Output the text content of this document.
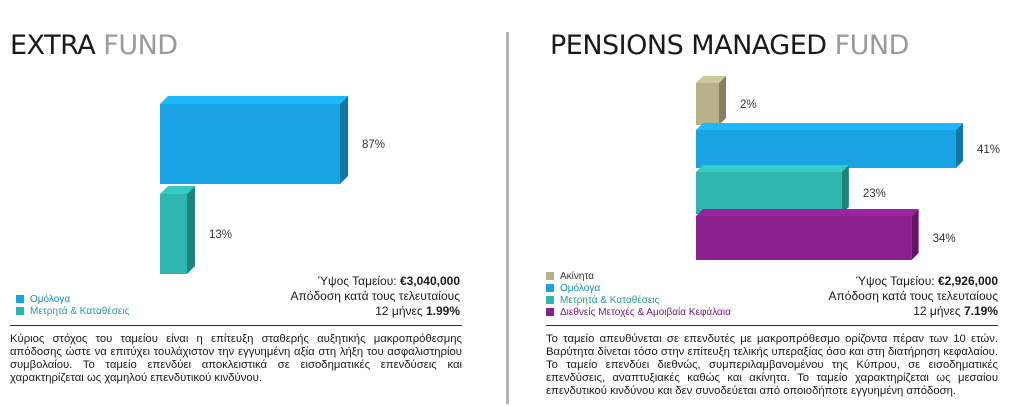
EXTRA FUND
87%
13%
Ομόλογα
Μετρητά & Καταθέσεις
Ύψος Ταμείου: €3,040,000
Απόδοση κατά τους τελευταίους
12 μήνες 1.99%
Κύριος στόχος του ταμείου είναι η επίτευξη σταθερής αυξητικής μακροπρόθεσμης απόδοσης ώστε να επιτύχει τουλάχιστον την εγγυημένη αξία στη λήξη του ασφαλιστηρίου συμβολαίου. Το ταμείο επενδύει αποκλειστικά σε εισοδηματικές επενδύσεις και χαρακτηρίζεται ως χαμηλού επενδυτικού κινδύνου.
PENSIONS MANAGED FUND
2%
41%
23%
34%
Ακίνητα
Ομόλογα
Μετρητά & Καταθέσεις
Διεθνείς Μετοχές & Αμοιβαία Κεφάλαια
Ύψος Ταμείου: €2,926,000
Απόδοση κατά τους τελευταίους
12 μήνες 7.19%
Το ταμείο απευθύνεται σε επενδυτές με μακροπρόθεσμο ορίζοντα πέραν των 10 ετών. Βαρύτητα δίνεται τόσο στην επίτευξη τελικής υπεραξίας όσο και στη διατήρηση κεφαλαίου. Το ταμείο επενδύει διεθνώς, συμπεριλαμβανομένου της Κύπρου, σε εισοδηματικές επενδύσεις, αναπτυξιακές καθώς και ακίνητα. Το ταμείο χαρακτηρίζεται ως μεσαίου επενδυτικού κινδύνου και δεν συνοδεύεται από οποιοδήποτε εγγυημένη απόδοση.
